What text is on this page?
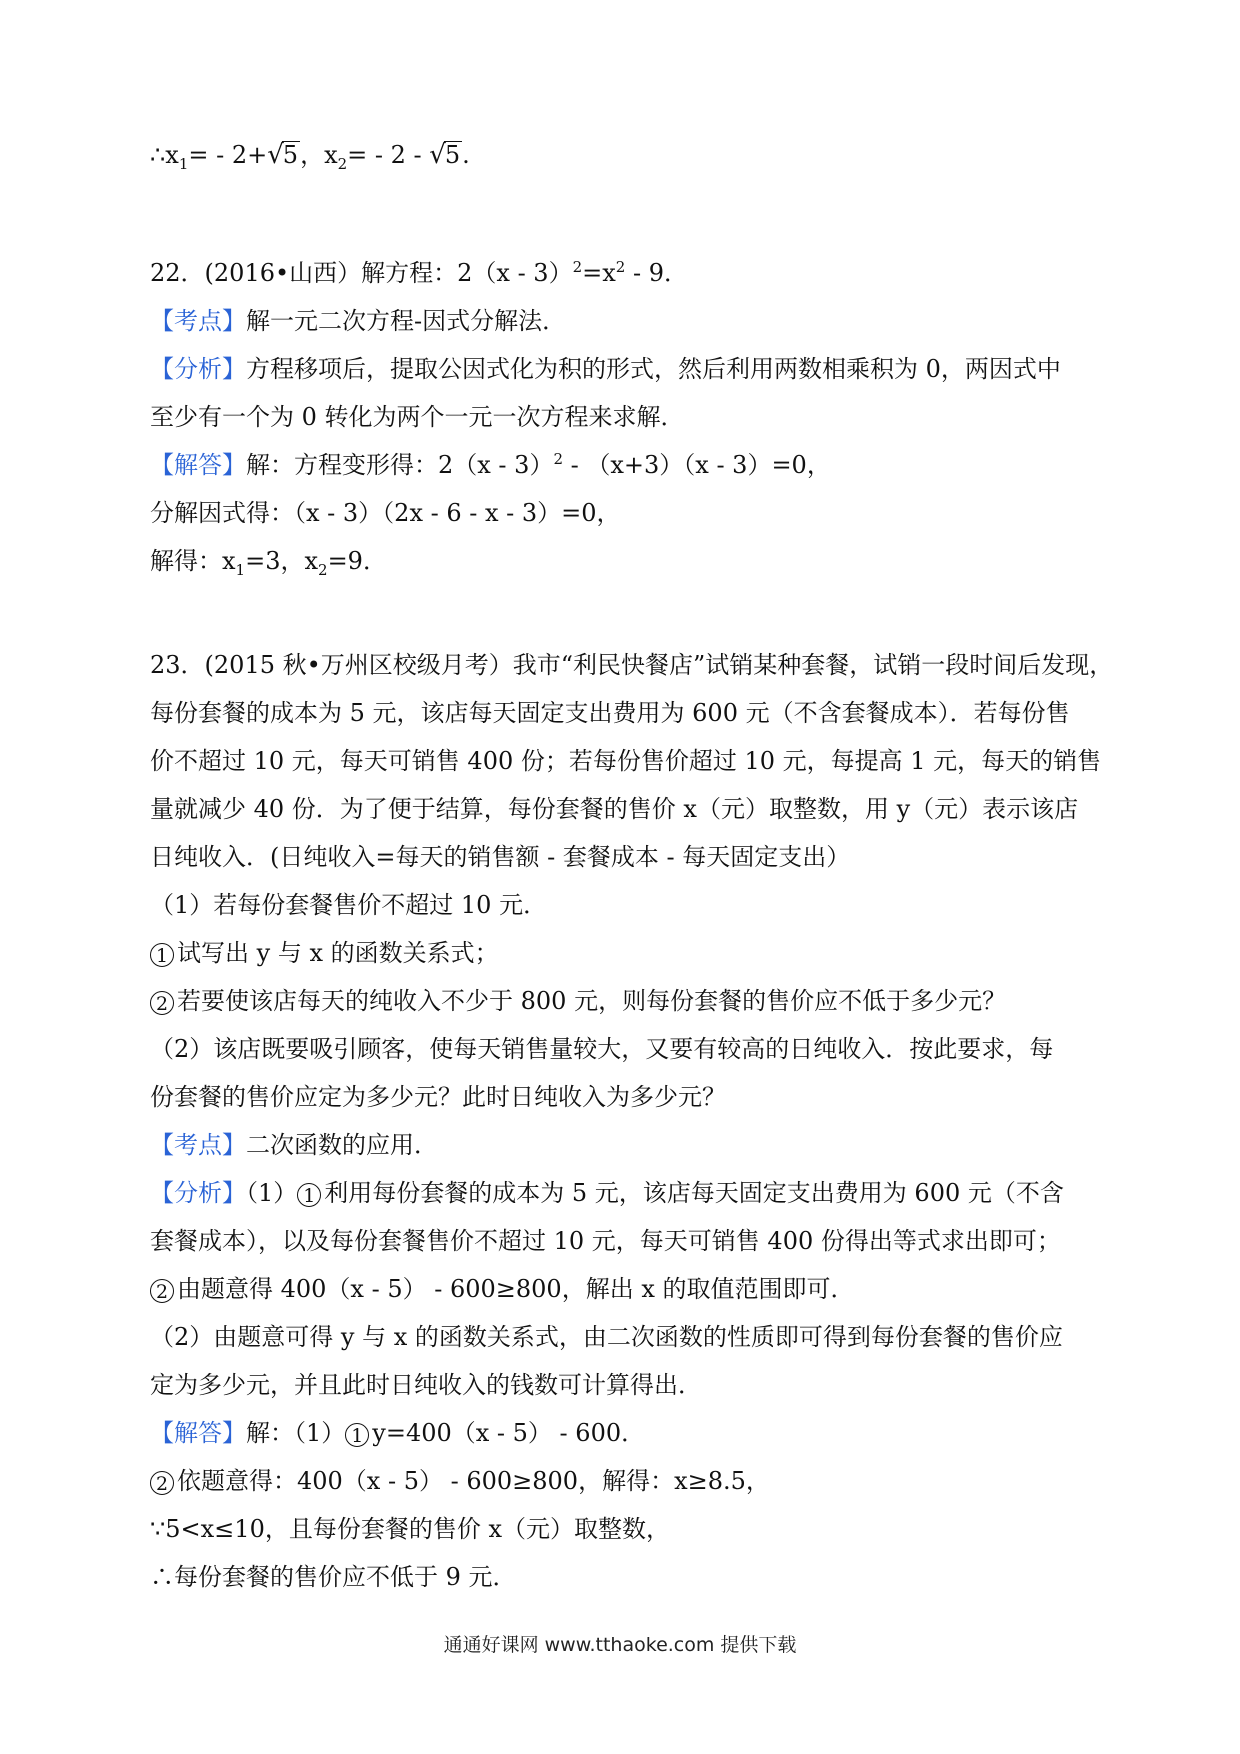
$\therefore x_1= - 2+√5$，$x_2= - 2 - √5$.
22．(2016•山西）解方程：$2(x - 3)^2=x^2 - 9$．
【考点】解一元二次方程-因式分解法．
【分析】方程移项后，提取公因式化为积的形式，然后利用两数相乘积为 0，两因式中
至少有一个为 0 转化为两个一元一次方程来求解．
【解答】解：方程变形得：2（x - 3）$^2$ - （x+3）（x - 3）=0，
分解因式得：（x - 3）（2x - 6 - x - 3）=0，
解得：$x_1=3$，$x_2=9$．
23．(2015 秋•万州区校级月考）我市“利民快餐店”试销某种套餐，试销一段时间后发现，
每份套餐的成本为 5 元，该店每天固定支出费用为 600 元（不含套餐成本）．若每份售
价不超过 10 元，每天可销售 400 份；若每份售价超过 10 元，每提高 1 元，每天的销售
量就减少 40 份．为了便于结算，每份套餐的售价 x（元）取整数，用 y（元）表示该店
日纯收入．(日纯收入=每天的销售额 - 套餐成本 - 每天固定支出）
（1）若每份套餐售价不超过 10 元．
1 试写出 y 与 x 的函数关系式；
2 若要使该店每天的纯收入不少于 800 元，则每份套餐的售价应不低于多少元？
（2）该店既要吸引顾客，使每天销售量较大，又要有较高的日纯收入．按此要求，每
份套餐的售价应定为多少元？此时日纯收入为多少元？
【考点】二次函数的应用．
【分析】（1） 1 利用每份套餐的成本为 5 元，该店每天固定支出费用为 600 元（不含
套餐成本），以及每份套餐售价不超过 10 元，每天可销售 400 份得出等式求出即可；
2 由题意得 400（x - 5） - 600≥800，解出 x 的取值范围即可．
（2）由题意可得 y 与 x 的函数关系式，由二次函数的性质即可得到每份套餐的售价应
定为多少元，并且此时日纯收入的钱数可计算得出．
【解答】解：（1） 1 y=400（x - 5） - 600．
2 依题意得：400（x - 5） - 600≥800，解得：x≥8.5，
∵5<x≤10，且每份套餐的售价 x（元）取整数，
∴每份套餐的售价应不低于 9 元．
通通好课网 www.tthaoke.com 提供下载
